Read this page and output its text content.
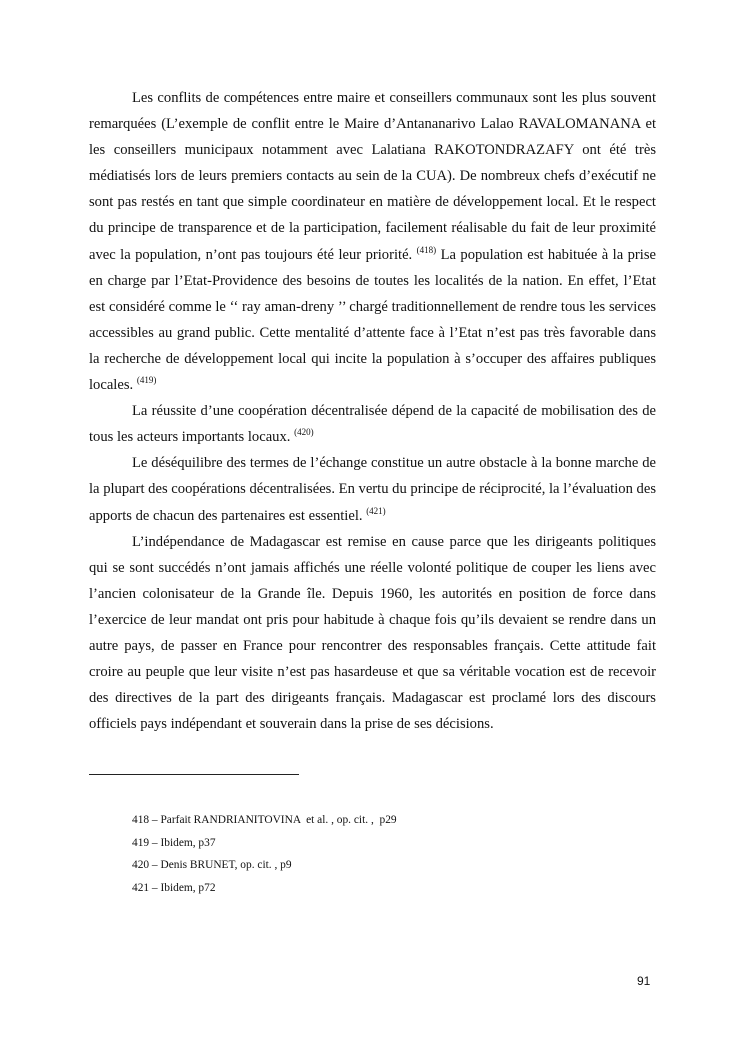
Les conflits de compétences entre maire et conseillers communaux sont les plus souvent remarquées (L’exemple de conflit entre le Maire d’Antananarivo Lalao RAVALOMANANA et les conseillers municipaux notamment avec Lalatiana RAKOTONDRAZAFY ont été très médiatisés lors de leurs premiers contacts au sein de la CUA). De nombreux chefs d’exécutif ne sont pas restés en tant que simple coordinateur en matière de développement local. Et le respect du principe de transparence et de la participation, facilement réalisable du fait de leur proximité avec la population, n’ont pas toujours été leur priorité. $^{(418)}$ La population est habituée à la prise en charge par l’Etat-Providence des besoins de toutes les localités de la nation. En effet, l’Etat est considéré comme le ‘‘ ray aman-dreny ’’ chargé traditionnellement de rendre tous les services accessibles au grand public. Cette mentalité d’attente face à l’Etat n’est pas très favorable dans la recherche de développement local qui incite la population à s’occuper des affaires publiques locales. $^{(419)}$

La réussite d’une coopération décentralisée dépend de la capacité de mobilisation des de tous les acteurs importants locaux. $^{(420)}$

Le déséquilibre des termes de l’échange constitue un autre obstacle à la bonne marche de la plupart des coopérations décentralisées. En vertu du principe de réciprocité, la l’évaluation des apports de chacun des partenaires est essentiel. $^{(421)}$

L’indépendance de Madagascar est remise en cause parce que les dirigeants politiques qui se sont succédés n’ont jamais affichés une réelle volonté politique de couper les liens avec l’ancien colonisateur de la Grande île. Depuis 1960, les autorités en position de force dans l’exercice de leur mandat ont pris pour habitude à chaque fois qu’ils devaient se rendre dans un autre pays, de passer en France pour rencontrer des responsables français. Cette attitude fait croire au peuple que leur visite n’est pas hasardeuse et que sa véritable vocation est de recevoir des directives de la part des dirigeants français. Madagascar est proclamé lors des discours officiels pays indépendant et souverain dans la prise de ses décisions.

418 – Parfait RANDRIANITOVINA  et al. , op. cit. ,  p29
419 – Ibidem, p37
420 – Denis BRUNET, op. cit. , p9
421 – Ibidem, p72
91
